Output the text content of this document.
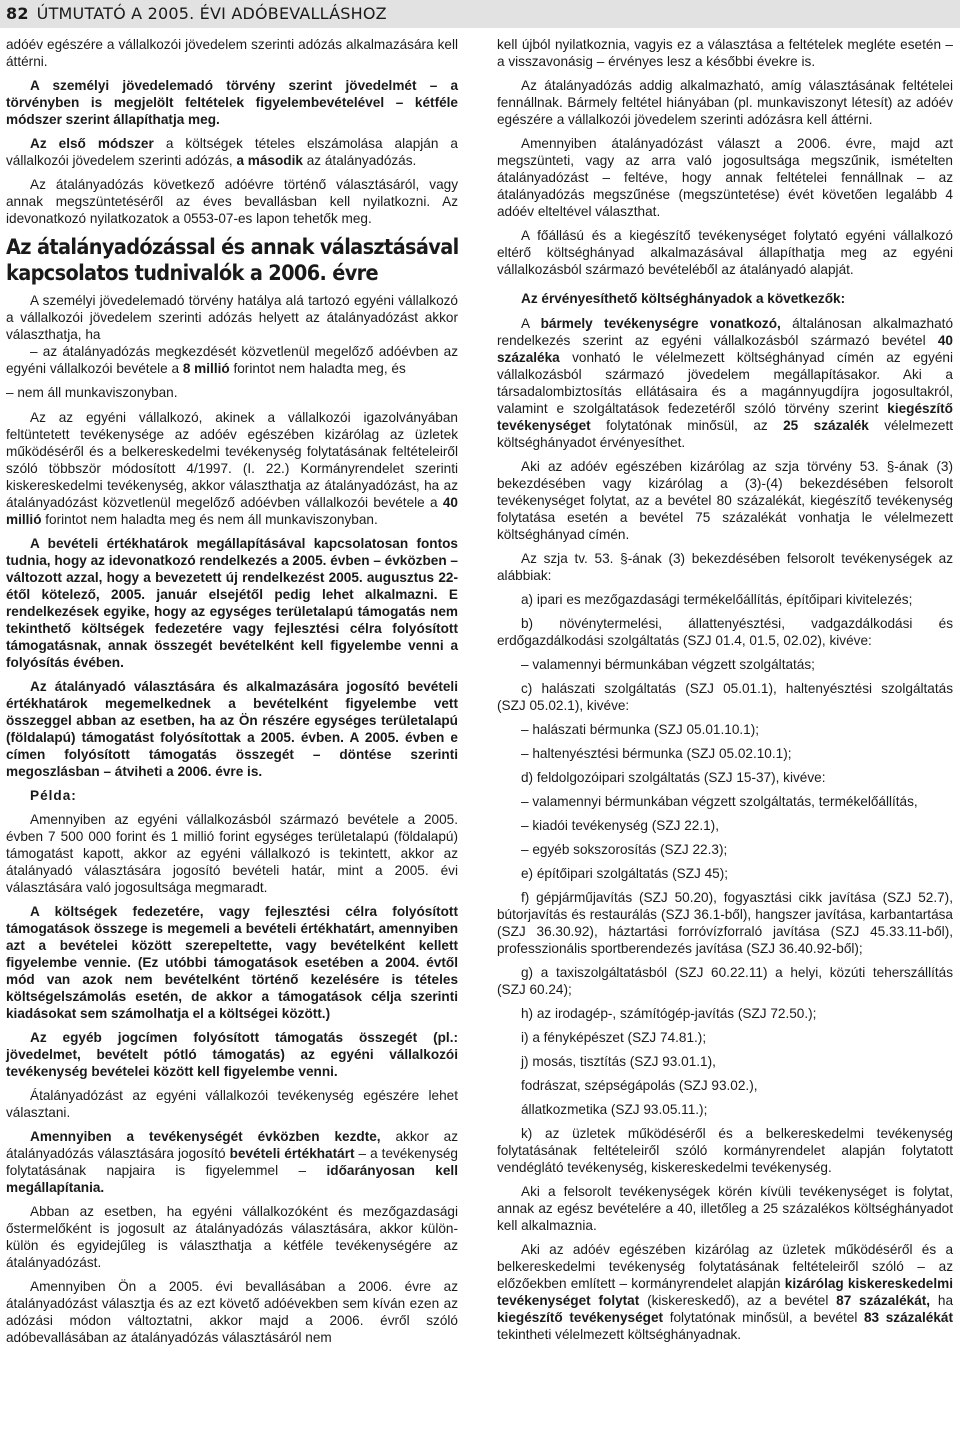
82 ÚTMUTATÓ A 2005. ÉVI ADÓBEVALLÁSHOZ

adóév egészére a vállalkozói jövedelem szerinti adózás alkalmazására kell áttérni.

A személyi jövedelemadó törvény szerint jövedelmét – a törvényben is megjelölt feltételek figyelembevételével – kétféle módszer szerint állapíthatja meg.

Az első módszer a költségek tételes elszámolása alapján a vállalkozói jövedelem szerinti adózás, a második az átalányadózás.

Az átalányadózás következő adóévre történő választásáról, vagy annak megszüntetéséről az éves bevallásban kell nyilatkozni. Az idevonatkozó nyilatkozatok a 0553-07-es lapon tehetők meg.

Az átalányadózással és annak választásával kapcsolatos tudnivalók a 2006. évre

A személyi jövedelemadó törvény hatálya alá tartozó egyéni vállalkozó a vállalkozói jövedelem szerinti adózás helyett az átalányadózást akkor választhatja, ha

– az átalányadózás megkezdését közvetlenül megelőző adóévben az egyéni vállalkozói bevétele a 8 millió forintot nem haladta meg, és

– nem áll munkaviszonyban.

Az az egyéni vállalkozó, akinek a vállalkozói igazolványában feltüntetett tevékenysége az adóév egészében kizárólag az üzletek működéséről és a belkereskedelmi tevékenység folytatásának feltételeiről szóló többször módosított 4/1997. (I. 22.) Kormányrendelet szerinti kiskereskedelmi tevékenység, akkor választhatja az átalányadózást, ha az átalányadózást közvetlenül megelőző adóévben vállalkozói bevétele a 40 millió forintot nem haladta meg és nem áll munkaviszonyban.

A bevételi értékhatárok megállapításával kapcsolatosan fontos tudnia, hogy az idevonatkozó rendelkezés a 2005. évben – évközben – változott azzal, hogy a bevezetett új rendelkezést 2005. augusztus 22-étől kötelező, 2005. január elsejétől pedig lehet alkalmazni. E rendelkezések egyike, hogy az egységes területalapú támogatás nem tekinthető költségek fedezetére vagy fejlesztési célra folyósított támogatásnak, annak összegét bevételként kell figyelembe venni a folyósítás évében.

Az átalányadó választására és alkalmazására jogosító bevételi értékhatárok megemelkednek a bevételként figyelembe vett összeggel abban az esetben, ha az Ön részére egységes területalapú (földalapú) támogatást folyósítottak a 2005. évben. A 2005. évben e címen folyósított támogatás összegét – döntése szerinti megoszlásban – átviheti a 2006. évre is.

Példa:

Amennyiben az egyéni vállalkozásból származó bevétele a 2005. évben 7 500 000 forint és 1 millió forint egységes területalapú (földalapú) támogatást kapott, akkor az egyéni vállalkozó is tekintett, akkor az átalányadó választására jogosító bevételi határ, mint a 2005. évi választására való jogosultsága megmaradt.

A költségek fedezetére, vagy fejlesztési célra folyósított támogatások összege is megemeli a bevételi értékhatárt, amennyiben azt a bevételei között szerepeltette, vagy bevételként kellett figyelembe vennie. (Ez utóbbi támogatások esetében a 2004. évtől mód van azok nem bevételként történő kezelésére is tételes költségelszámolás esetén, de akkor a támogatások célja szerinti kiadásokat sem számolhatja el a költségei között.)

Az egyéb jogcímen folyósított támogatás összegét (pl.: jövedelmet, bevételt pótló támogatás) az egyéni vállalkozói tevékenység bevételei között kell figyelembe venni.

Átalányadózást az egyéni vállalkozói tevékenység egészére lehet választani.

Amennyiben a tevékenységét évközben kezdte, akkor az átalányadózás választására jogosító bevételi értékhatárt – a tevékenység folytatásának napjaira is figyelemmel – időarányosan kell megállapítania.

Abban az esetben, ha egyéni vállalkozóként és mezőgazdasági őstermelőként is jogosult az átalányadózás választására, akkor külön-külön és egyidejűleg is választhatja a kétféle tevékenységére az átalányadózást.

Amennyiben Ön a 2005. évi bevallásában a 2006. évre az átalányadózást választja és az ezt követő adóévekben sem kíván ezen az adózási módon változtatni, akkor majd a 2006. évről szóló adóbevallásában az átalányadózás választásáról nem

kell újból nyilatkoznia, vagyis ez a választása a feltételek megléte esetén – a visszavonásig – érvényes lesz a későbbi évekre is.

Az átalányadózás addig alkalmazható, amíg választásának feltételei fennállnak. Bármely feltétel hiányában (pl. munkaviszonyt létesít) az adóév egészére a vállalkozói jövedelem szerinti adózásra kell áttérni.

Amennyiben átalányadózást választ a 2006. évre, majd azt megszünteti, vagy az arra való jogosultsága megszűnik, ismételten átalányadózást – feltéve, hogy annak feltételei fennállnak – az átalányadózás megszűnése (megszüntetése) évét követően legalább 4 adóév elteltével választhat.

A főállású és a kiegészítő tevékenységet folytató egyéni vállalkozó eltérő költséghányad alkalmazásával állapíthatja meg az egyéni vállalkozásból származó bevételéből az átalányadó alapját.

Az érvényesíthető költséghányadok a következők:

A bármely tevékenységre vonatkozó, általánosan alkalmazható rendelkezés szerint az egyéni vállalkozásból származó bevétel 40 százaléka vonható le vélelmezett költséghányad címén az egyéni vállalkozásból származó jövedelem megállapításakor. Aki a társadalombiztosítás ellátásaira és a magánnyugdíjra jogosultakról, valamint e szolgáltatások fedezetéről szóló törvény szerint kiegészítő tevékenységet folytatónak minősül, az 25 százalék vélelmezett költséghányadot érvényesíthet.

Aki az adóév egészében kizárólag az szja törvény 53. §-ának (3) bekezdésében vagy kizárólag a (3)-(4) bekezdésében felsorolt tevékenységet folytat, az a bevétel 80 százalékát, kiegészítő tevékenység folytatása esetén a bevétel 75 százalékát vonhatja le vélelmezett költséghányad címén.

Az szja tv. 53. §-ának (3) bekezdésében felsorolt tevékenységek az alábbiak:

a) ipari es mezőgazdasági termékelőállítás, építőipari kivitelezés;

b) növénytermelési, állattenyésztési, vadgazdálkodási és erdőgazdálkodási szolgáltatás (SZJ 01.4, 01.5, 02.02), kivéve:

– valamennyi bérmunkában végzett szolgáltatás;

c) halászati szolgáltatás (SZJ 05.01.1), haltenyésztési szolgáltatás (SZJ 05.02.1), kivéve:

– halászati bérmunka (SZJ 05.01.10.1);

– haltenyésztési bérmunka (SZJ 05.02.10.1);

d) feldolgozóipari szolgáltatás (SZJ 15-37), kivéve:

– valamennyi bérmunkában végzett szolgáltatás, termékelőállítás,

– kiadói tevékenység (SZJ 22.1),

– egyéb sokszorosítás (SZJ 22.3);

e) építőipari szolgáltatás (SZJ 45);

f) gépjárműjavítás (SZJ 50.20), fogyasztási cikk javítása (SZJ 52.7), bútorjavítás és restaurálás (SZJ 36.1-ből), hangszer javítása, karbantartása (SZJ 36.30.92), háztartási forróvízforraló javítása (SZJ 45.33.11-ből), professzionális sportberendezés javítása (SZJ 36.40.92-ből);

g) a taxiszolgáltatásból (SZJ 60.22.11) a helyi, közúti teherszállítás (SZJ 60.24);

h) az irodagép-, számítógép-javítás (SZJ 72.50.);

i) a fényképészet (SZJ 74.81.);

j) mosás, tisztítás (SZJ 93.01.1),

fodrászat, szépségápolás (SZJ 93.02.),

állatkozmetika (SZJ 93.05.11.);

k) az üzletek működéséről és a belkereskedelmi tevékenység folytatásának feltételeiről szóló kormányrendelet alapján folytatott vendéglátó tevékenység, kiskereskedelmi tevékenység.

Aki a felsorolt tevékenységek körén kívüli tevékenységet is folytat, annak az egész bevételére a 40, illetőleg a 25 százalékos költséghányadot kell alkalmaznia.

Aki az adóév egészében kizárólag az üzletek működéséről és a belkereskedelmi tevékenység folytatásának feltételeiről szóló – az előzőekben említett – kormányrendelet alapján kizárólag kiskereskedelmi tevékenységet folytat (kiskereskedő), az a bevétel 87 százalékát, ha kiegészítő tevékenységet folytatónak minősül, a bevétel 83 százalékát tekintheti vélelmezett költséghányadnak.
